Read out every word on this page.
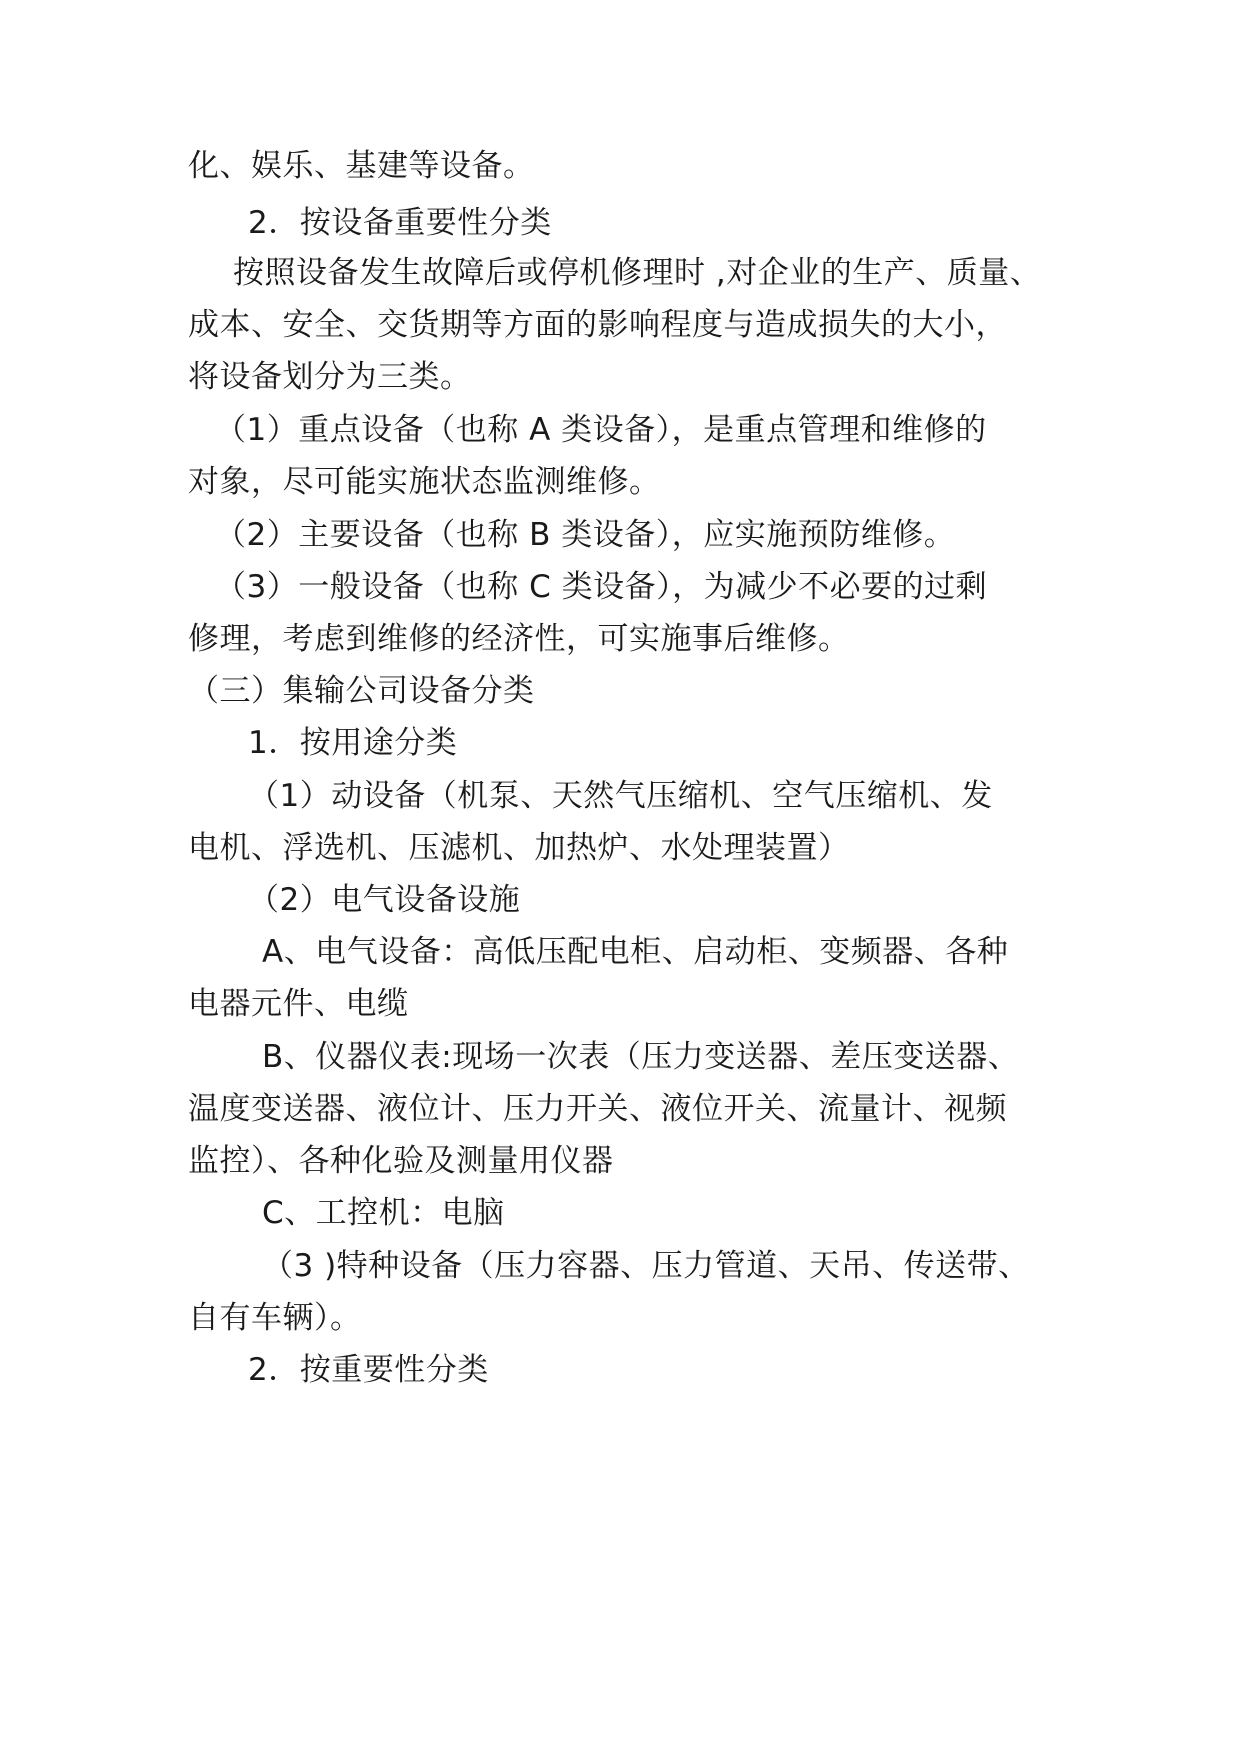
化、娱乐、基建等设备。
2．按设备重要性分类
按照设备发生故障后或停机修理时 ,对企业的生产、质量、
成本、安全、交货期等方面的影响程度与造成损失的大小，
将设备划分为三类。
（1）重点设备（也称 A 类设备），是重点管理和维修的
对象，尽可能实施状态监测维修。
（2）主要设备（也称 B 类设备），应实施预防维修。
（3）一般设备（也称 C 类设备），为减少不必要的过剩
修理，考虑到维修的经济性，可实施事后维修。
（三）集输公司设备分类
1．按用途分类
（1）动设备（机泵、天然气压缩机、空气压缩机、发
电机、浮选机、压滤机、加热炉、水处理装置）
（2）电气设备设施
A、电气设备：高低压配电柜、启动柜、变频器、各种
电器元件、电缆
B、仪器仪表:现场一次表（压力变送器、差压变送器、
温度变送器、液位计、压力开关、液位开关、流量计、视频
监控）、各种化验及测量用仪器
C、工控机：电脑
（3 )特种设备（压力容器、压力管道、天吊、传送带、
自有车辆）。
2．按重要性分类
